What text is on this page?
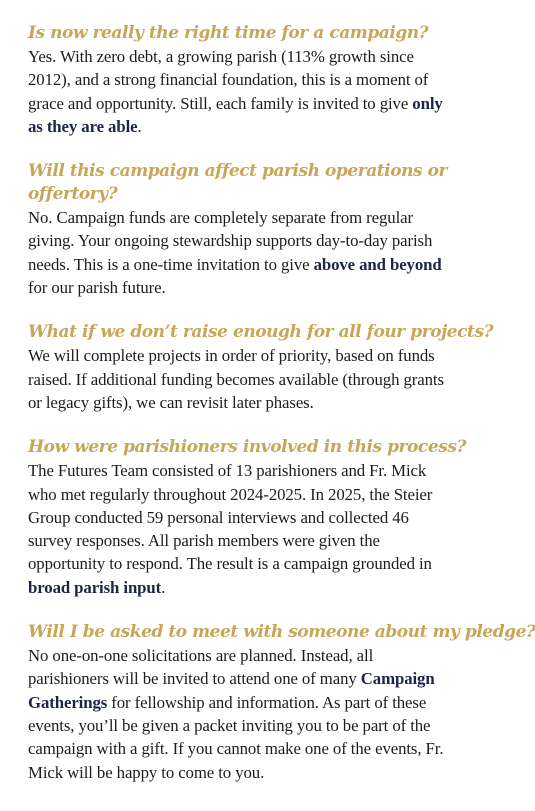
Is now really the right time for a campaign?

Yes. With zero debt, a growing parish (113% growth since 2012), and a strong financial foundation, this is a moment of grace and opportunity. Still, each family is invited to give only as they are able.

Will this campaign affect parish operations or offertory?

No. Campaign funds are completely separate from regular giving. Your ongoing stewardship supports day-to-day parish needs. This is a one-time invitation to give above and beyond for our parish future.

What if we don’t raise enough for all four projects?

We will complete projects in order of priority, based on funds raised. If additional funding becomes available (through grants or legacy gifts), we can revisit later phases.

How were parishioners involved in this process?

The Futures Team consisted of 13 parishioners and Fr. Mick who met regularly throughout 2024-2025. In 2025, the Steier Group conducted 59 personal interviews and collected 46 survey responses. All parish members were given the opportunity to respond. The result is a campaign grounded in broad parish input.

Will I be asked to meet with someone about my pledge?

No one-on-one solicitations are planned. Instead, all parishioners will be invited to attend one of many Campaign Gatherings for fellowship and information. As part of these events, you’ll be given a packet inviting you to be part of the campaign with a gift. If you cannot make one of the events, Fr. Mick will be happy to come to you.
